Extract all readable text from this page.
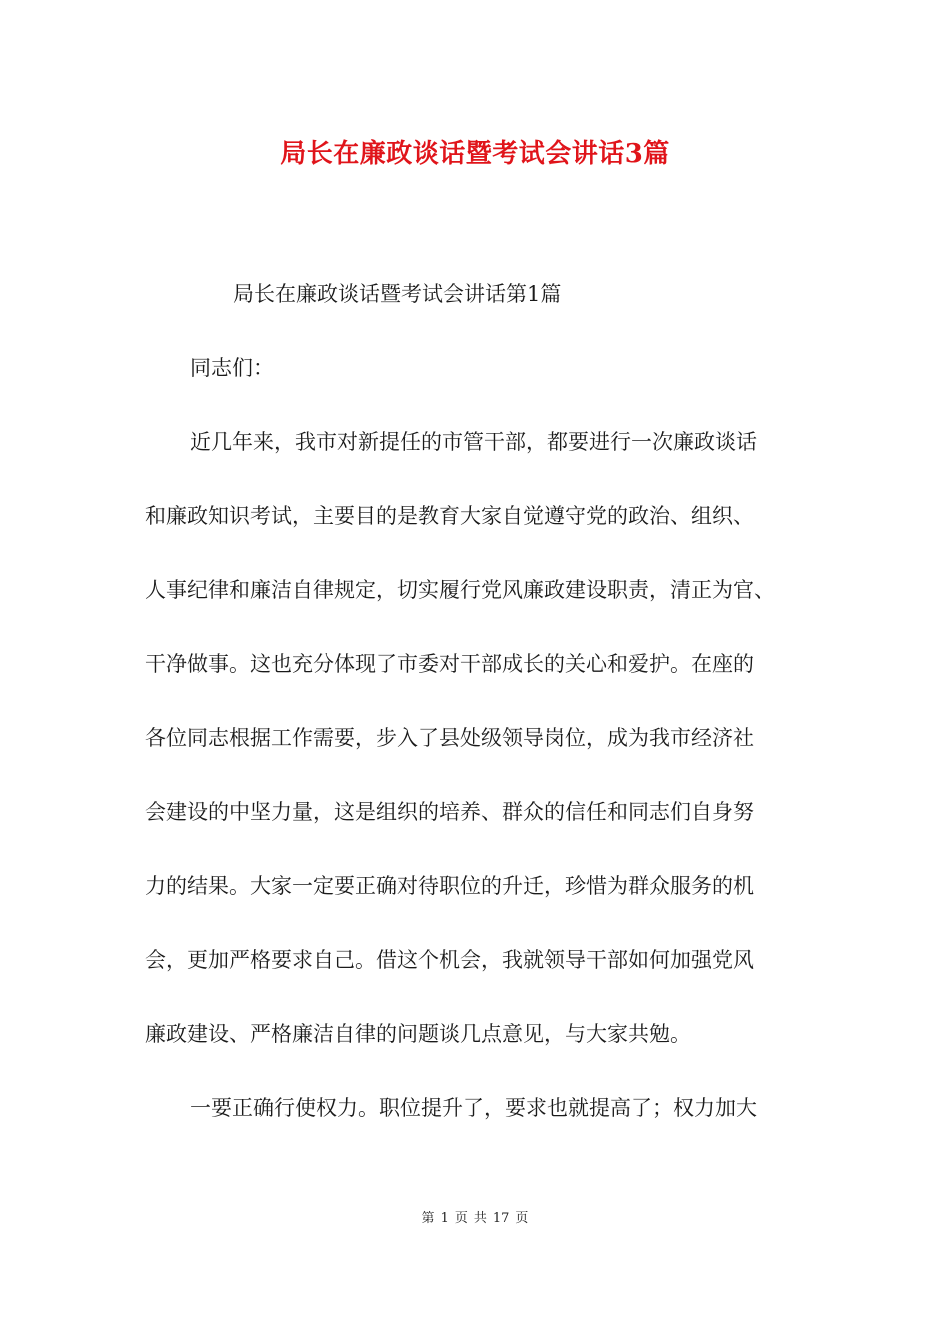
局长在廉政谈话暨考试会讲话3篇
局长在廉政谈话暨考试会讲话第1篇
同志们：
近几年来，我市对新提任的市管干部，都要进行一次廉政谈话
和廉政知识考试，主要目的是教育大家自觉遵守党的政治、组织、
人事纪律和廉洁自律规定，切实履行党风廉政建设职责，清正为官、
干净做事。这也充分体现了市委对干部成长的关心和爱护。在座的
各位同志根据工作需要，步入了县处级领导岗位，成为我市经济社
会建设的中坚力量，这是组织的培养、群众的信任和同志们自身努
力的结果。大家一定要正确对待职位的升迁，珍惜为群众服务的机
会，更加严格要求自己。借这个机会，我就领导干部如何加强党风
廉政建设、严格廉洁自律的问题谈几点意见，与大家共勉。
一要正确行使权力。职位提升了，要求也就提高了；权力加大
第 1 页 共 17 页
